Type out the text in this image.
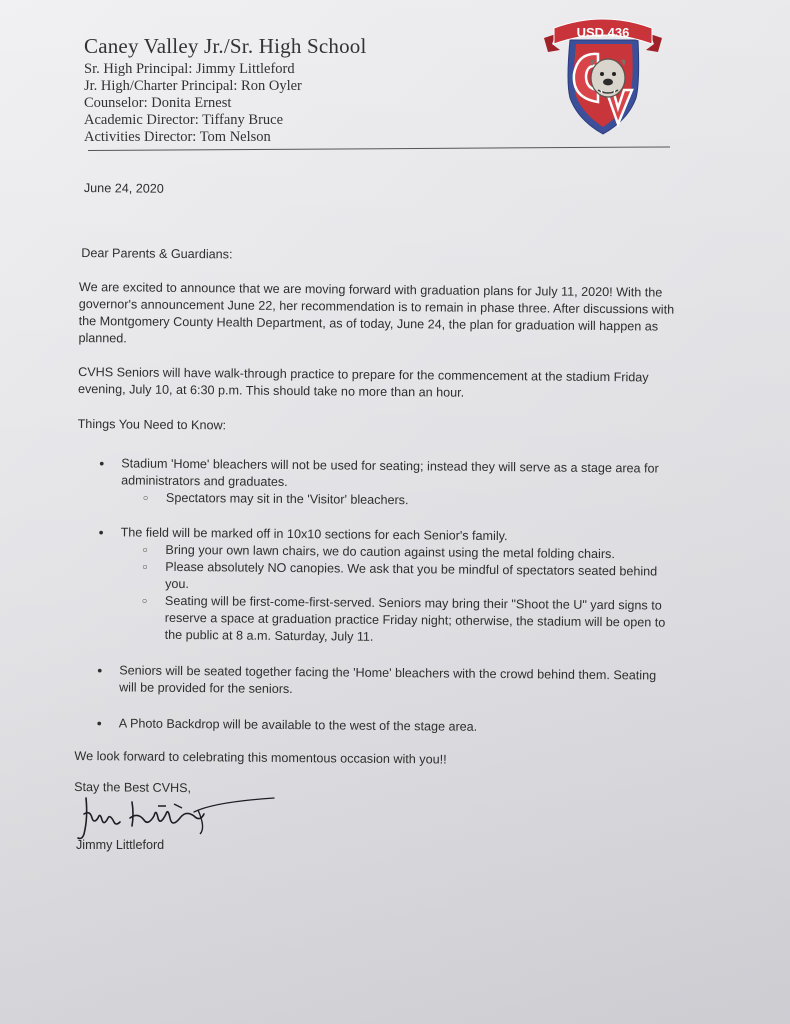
Caney Valley Jr./Sr. High School

Sr. High Principal: Jimmy Littleford

Jr. High/Charter Principal: Ron Oyler

Counselor: Donita Ernest

Academic Director: Tiffany Bruce

Activities Director: Tom Nelson

USD 436

June 24, 2020

Dear Parents & Guardians:

We are excited to announce that we are moving forward with graduation plans for July 11, 2020! With the governor's announcement June 22, her recommendation is to remain in phase three. After discussions with the Montgomery County Health Department, as of today, June 24, the plan for graduation will happen as planned.

CVHS Seniors will have walk-through practice to prepare for the commencement at the stadium Friday evening, July 10, at 6:30 p.m. This should take no more than an hour.

Things You Need to Know:

• Stadium 'Home' bleachers will not be used for seating; instead they will serve as a stage area for administrators and graduates.
○ Spectators may sit in the 'Visitor' bleachers.
• The field will be marked off in 10x10 sections for each Senior's family.
○ Bring your own lawn chairs, we do caution against using the metal folding chairs.
○ Please absolutely NO canopies. We ask that you be mindful of spectators seated behind you.
○ Seating will be first-come-first-served. Seniors may bring their "Shoot the U" yard signs to reserve a space at graduation practice Friday night; otherwise, the stadium will be open to the public at 8 a.m. Saturday, July 11.
• Seniors will be seated together facing the 'Home' bleachers with the crowd behind them. Seating will be provided for the seniors.
• A Photo Backdrop will be available to the west of the stage area.

We look forward to celebrating this momentous occasion with you!!

Stay the Best CVHS,

Jimmy Littleford
